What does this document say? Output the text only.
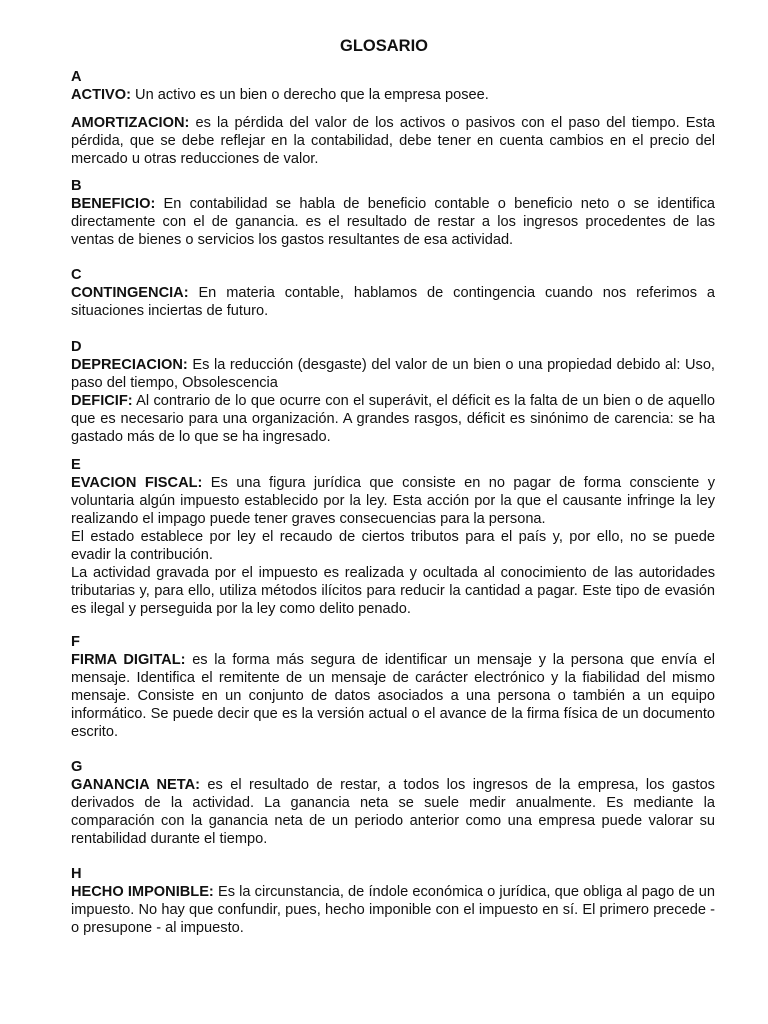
GLOSARIO
A
ACTIVO: Un activo es un bien o derecho que la empresa posee.
AMORTIZACION: es la pérdida del valor de los activos o pasivos con el paso del tiempo. Esta pérdida, que se debe reflejar en la contabilidad, debe tener en cuenta cambios en el precio del mercado u otras reducciones de valor.
B
BENEFICIO: En contabilidad se habla de beneficio contable o beneficio neto o se identifica directamente con el de ganancia. es el resultado de restar a los ingresos procedentes de las ventas de bienes o servicios los gastos resultantes de esa actividad.
C
CONTINGENCIA: En materia contable, hablamos de contingencia cuando nos referimos a situaciones inciertas de futuro.
D
DEPRECIACION: Es la reducción (desgaste) del valor de un bien o una propiedad debido al: Uso, paso del tiempo, Obsolescencia
DEFICIF: Al contrario de lo que ocurre con el superávit, el déficit es la falta de un bien o de aquello que es necesario para una organización. A grandes rasgos, déficit es sinónimo de carencia: se ha gastado más de lo que se ha ingresado.
E
EVACION FISCAL: Es una figura jurídica que consiste en no pagar de forma consciente y voluntaria algún impuesto establecido por la ley. Esta acción por la que el causante infringe la ley realizando el impago puede tener graves consecuencias para la persona.
El estado establece por ley el recaudo de ciertos tributos para el país y, por ello, no se puede evadir la contribución.
La actividad gravada por el impuesto es realizada y ocultada al conocimiento de las autoridades tributarias y, para ello, utiliza métodos ilícitos para reducir la cantidad a pagar. Este tipo de evasión es ilegal y perseguida por la ley como delito penado.
F
FIRMA DIGITAL: es la forma más segura de identificar un mensaje y la persona que envía el mensaje. Identifica el remitente de un mensaje de carácter electrónico y la fiabilidad del mismo mensaje. Consiste en un conjunto de datos asociados a una persona o también a un equipo informático. Se puede decir que es la versión actual o el avance de la firma física de un documento escrito.
G
GANANCIA NETA: es el resultado de restar, a todos los ingresos de la empresa, los gastos derivados de la actividad. La ganancia neta se suele medir anualmente. Es mediante la comparación con la ganancia neta de un periodo anterior como una empresa puede valorar su rentabilidad durante el tiempo.
H
HECHO IMPONIBLE: Es la circunstancia, de índole económica o jurídica, que obliga al pago de un impuesto. No hay que confundir, pues, hecho imponible con el impuesto en sí. El primero precede - o presupone - al impuesto.
